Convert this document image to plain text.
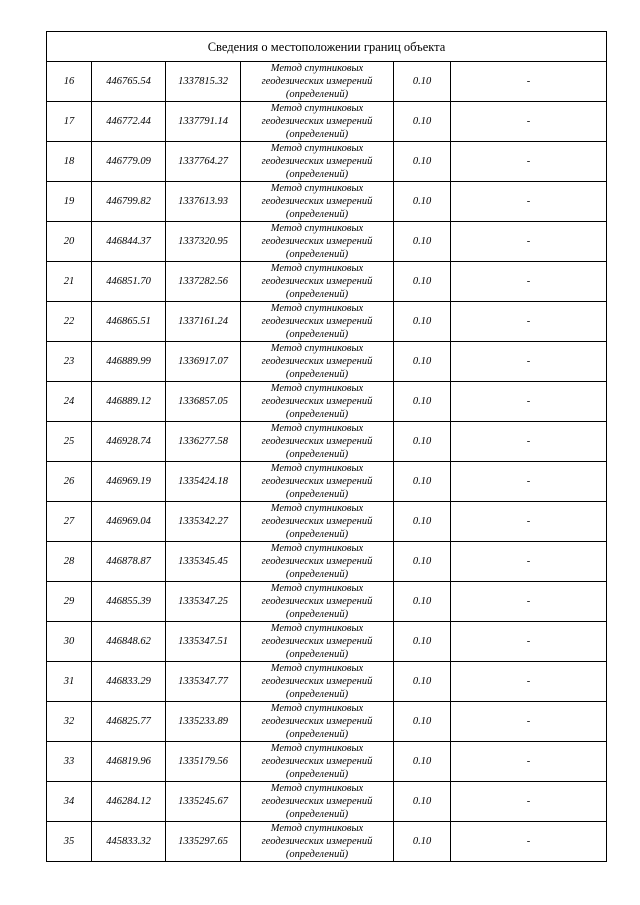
Сведения о местоположении границ объекта					
16	446765.54	1337815.32	Метод спутниковых
геодезических измерений
(определений)	0.10	-
17	446772.44	1337791.14	Метод спутниковых
геодезических измерений
(определений)	0.10	-
18	446779.09	1337764.27	Метод спутниковых
геодезических измерений
(определений)	0.10	-
19	446799.82	1337613.93	Метод спутниковых
геодезических измерений
(определений)	0.10	-
20	446844.37	1337320.95	Метод спутниковых
геодезических измерений
(определений)	0.10	-
21	446851.70	1337282.56	Метод спутниковых
геодезических измерений
(определений)	0.10	-
22	446865.51	1337161.24	Метод спутниковых
геодезических измерений
(определений)	0.10	-
23	446889.99	1336917.07	Метод спутниковых
геодезических измерений
(определений)	0.10	-
24	446889.12	1336857.05	Метод спутниковых
геодезических измерений
(определений)	0.10	-
25	446928.74	1336277.58	Метод спутниковых
геодезических измерений
(определений)	0.10	-
26	446969.19	1335424.18	Метод спутниковых
геодезических измерений
(определений)	0.10	-
27	446969.04	1335342.27	Метод спутниковых
геодезических измерений
(определений)	0.10	-
28	446878.87	1335345.45	Метод спутниковых
геодезических измерений
(определений)	0.10	-
29	446855.39	1335347.25	Метод спутниковых
геодезических измерений
(определений)	0.10	-
30	446848.62	1335347.51	Метод спутниковых
геодезических измерений
(определений)	0.10	-
31	446833.29	1335347.77	Метод спутниковых
геодезических измерений
(определений)	0.10	-
32	446825.77	1335233.89	Метод спутниковых
геодезических измерений
(определений)	0.10	-
33	446819.96	1335179.56	Метод спутниковых
геодезических измерений
(определений)	0.10	-
34	446284.12	1335245.67	Метод спутниковых
геодезических измерений
(определений)	0.10	-
35	445833.32	1335297.65	Метод спутниковых
геодезических измерений
(определений)	0.10	-
